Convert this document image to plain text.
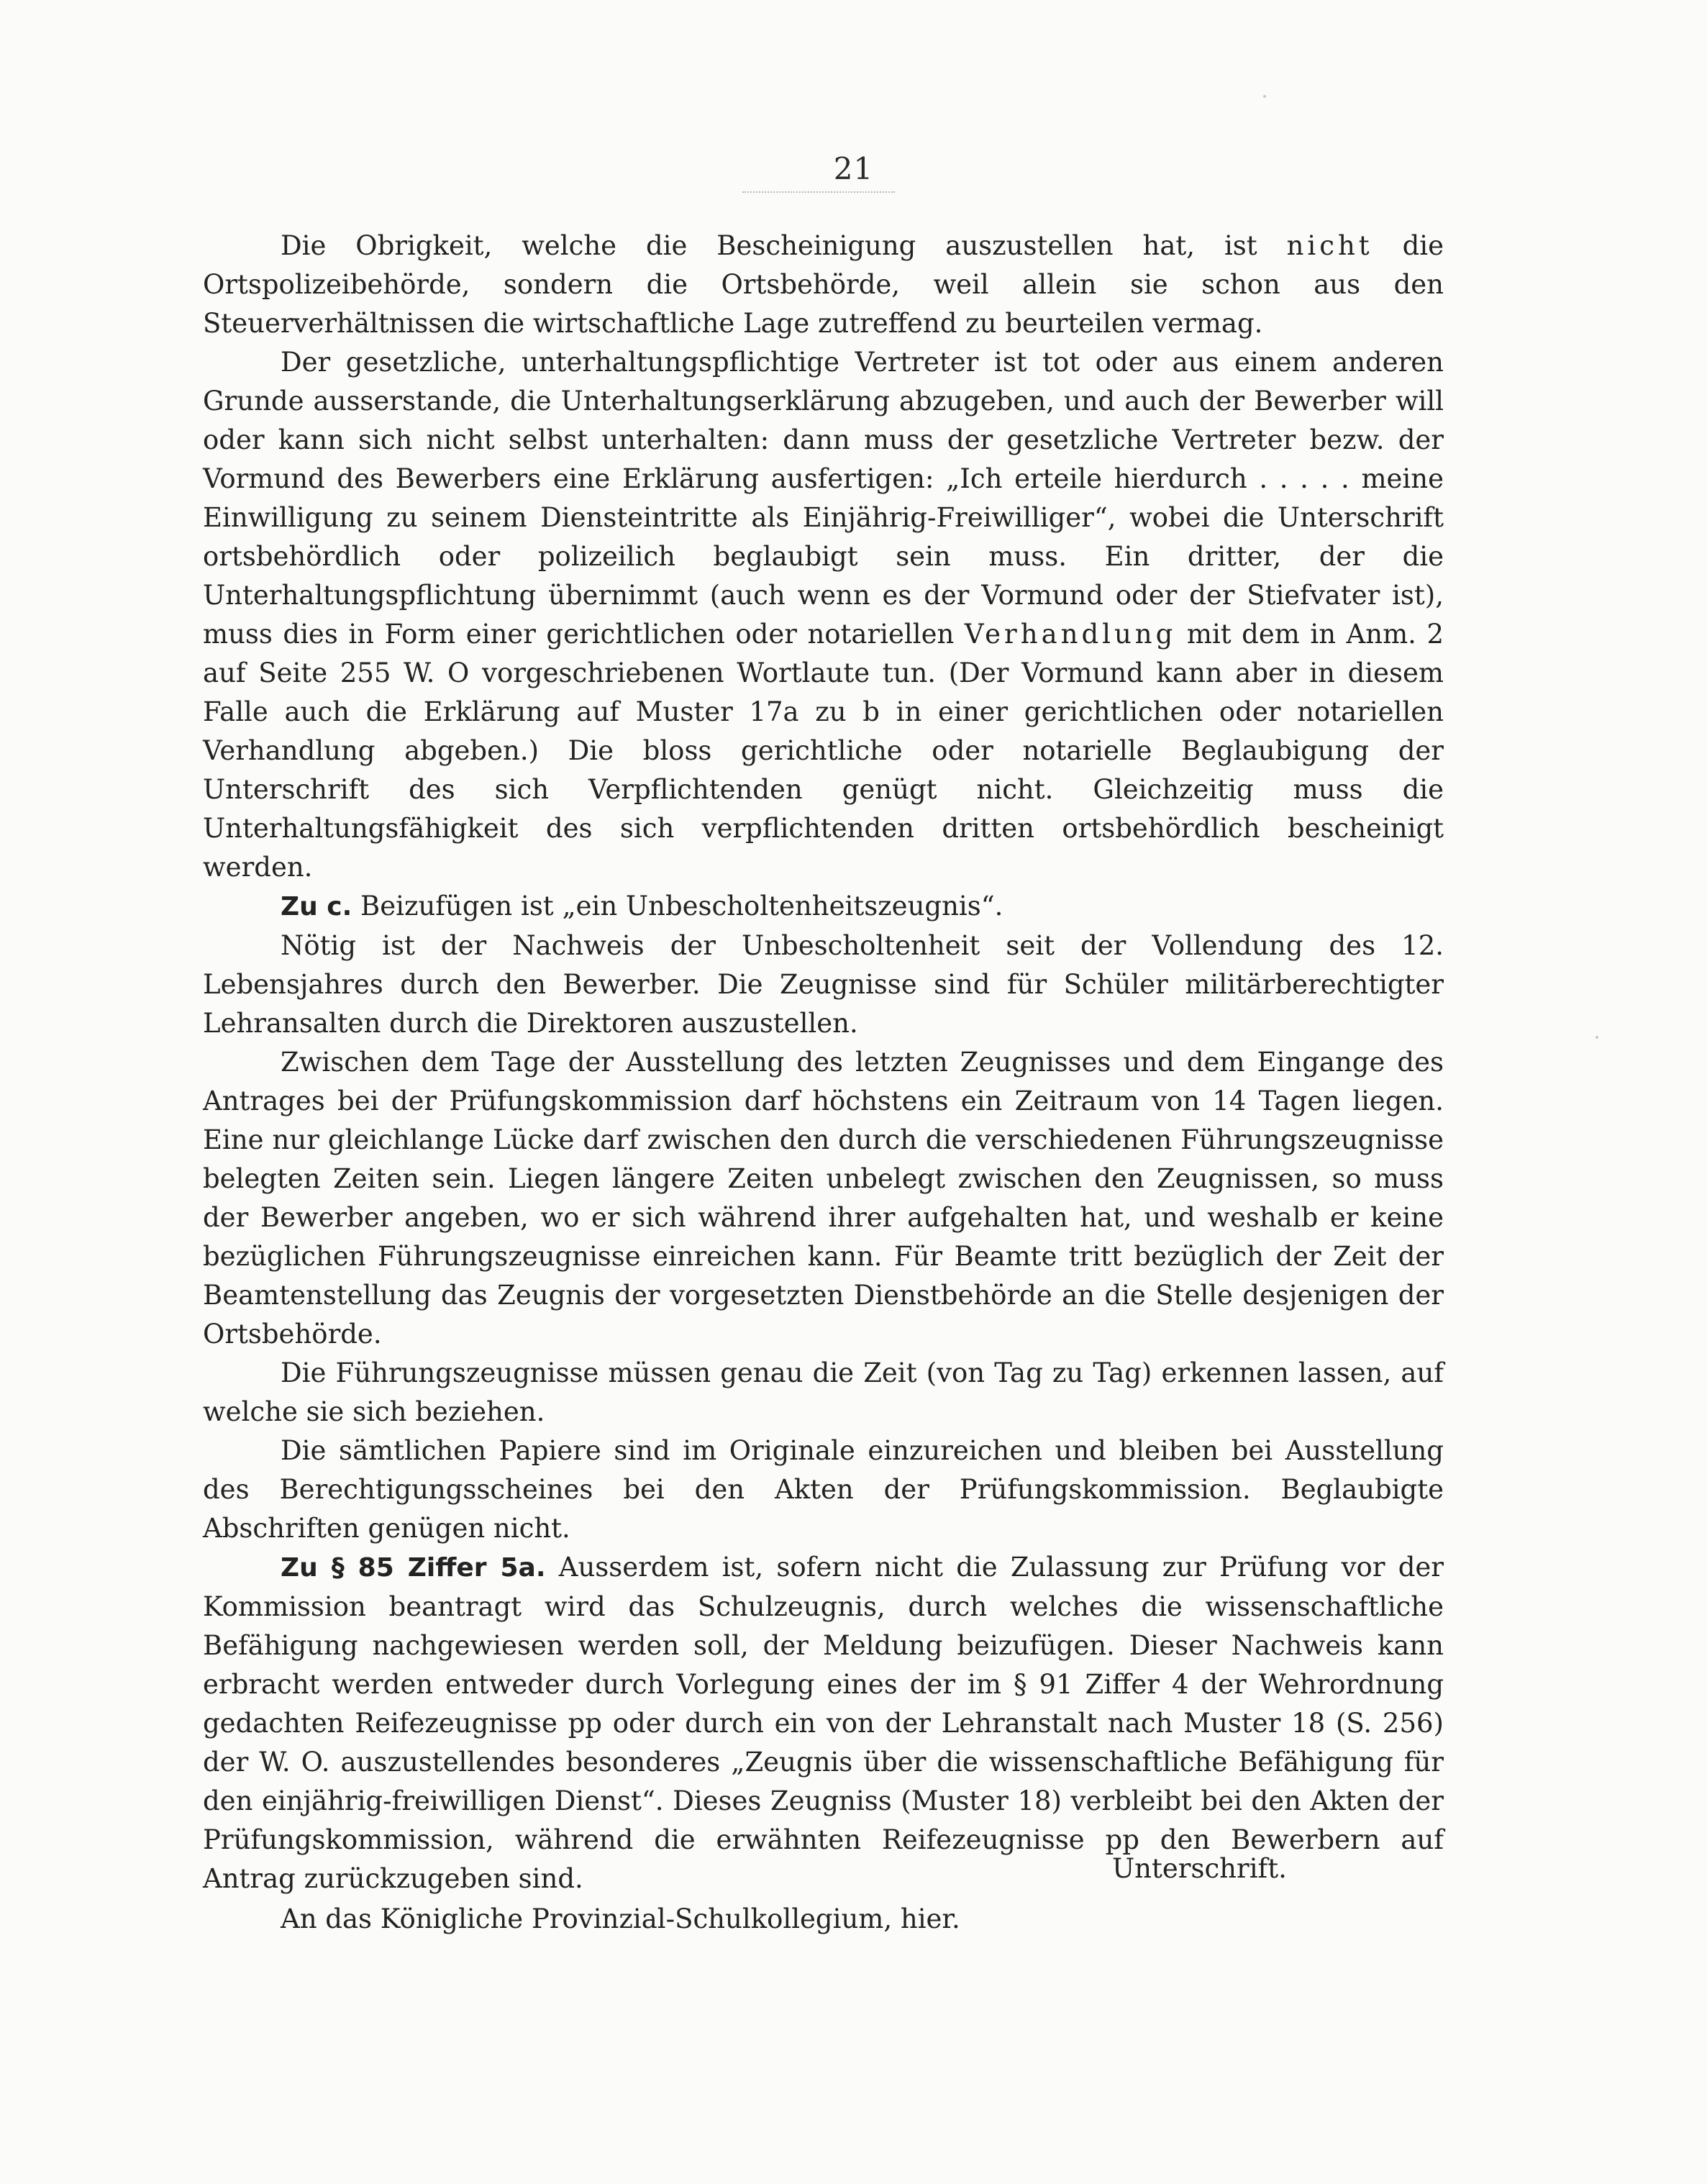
21

Die Obrigkeit, welche die Bescheinigung auszustellen hat, ist nicht die Ortspolizeibehörde, sondern die Ortsbehörde, weil allein sie schon aus den Steuerverhältnissen die wirtschaftliche Lage zutreffend zu beurteilen vermag.

Der gesetzliche, unterhaltungspflichtige Vertreter ist tot oder aus einem anderen Grunde ausserstande, die Unterhaltungserklärung abzugeben, und auch der Bewerber will oder kann sich nicht selbst unterhalten: dann muss der gesetzliche Vertreter bezw. der Vormund des Bewerbers eine Erklärung ausfertigen: „Ich erteile hierdurch . . . . . meine Einwilligung zu seinem Diensteintritte als Einjährig-Freiwilliger“, wobei die Unterschrift ortsbehördlich oder polizeilich beglaubigt sein muss. Ein dritter, der die Unterhaltungspflichtung übernimmt (auch wenn es der Vormund oder der Stiefvater ist), muss dies in Form einer gerichtlichen oder notariellen Verhandlung mit dem in Anm. 2 auf Seite 255 W. O vorgeschriebenen Wortlaute tun. (Der Vormund kann aber in diesem Falle auch die Erklärung auf Muster 17a zu b in einer gerichtlichen oder notariellen Verhandlung abgeben.) Die bloss gerichtliche oder notarielle Beglaubigung der Unterschrift des sich Verpflichtenden genügt nicht. Gleichzeitig muss die Unterhaltungsfähigkeit des sich verpflichtenden dritten ortsbehördlich bescheinigt werden.

Zu c. Beizufügen ist „ein Unbescholtenheitszeugnis“.

Nötig ist der Nachweis der Unbescholtenheit seit der Vollendung des 12. Lebensjahres durch den Bewerber. Die Zeugnisse sind für Schüler militärberechtigter Lehransalten durch die Direktoren auszustellen.

Zwischen dem Tage der Ausstellung des letzten Zeugnisses und dem Eingange des Antrages bei der Prüfungskommission darf höchstens ein Zeitraum von 14 Tagen liegen. Eine nur gleichlange Lücke darf zwischen den durch die verschiedenen Führungszeugnisse belegten Zeiten sein. Liegen längere Zeiten unbelegt zwischen den Zeugnissen, so muss der Bewerber angeben, wo er sich während ihrer aufgehalten hat, und weshalb er keine bezüglichen Führungszeugnisse einreichen kann. Für Beamte tritt bezüglich der Zeit der Beamtenstellung das Zeugnis der vorgesetzten Dienstbehörde an die Stelle desjenigen der Ortsbehörde.

Die Führungszeugnisse müssen genau die Zeit (von Tag zu Tag) erkennen lassen, auf welche sie sich beziehen.

Die sämtlichen Papiere sind im Originale einzureichen und bleiben bei Ausstellung des Berechtigungsscheines bei den Akten der Prüfungskommission. Beglaubigte Abschriften genügen nicht.

Zu § 85 Ziffer 5a. Ausserdem ist, sofern nicht die Zulassung zur Prüfung vor der Kommission beantragt wird das Schulzeugnis, durch welches die wissenschaftliche Befähigung nachgewiesen werden soll, der Meldung beizufügen. Dieser Nachweis kann erbracht werden entweder durch Vorlegung eines der im § 91 Ziffer 4 der Wehrordnung gedachten Reifezeugnisse pp oder durch ein von der Lehranstalt nach Muster 18 (S. 256) der W. O. auszustellendes besonderes „Zeugnis über die wissenschaftliche Befähigung für den einjährig-freiwilligen Dienst“. Dieses Zeugniss (Muster 18) verbleibt bei den Akten der Prüfungskommission, während die erwähnten Reifezeugnisse pp den Bewerbern auf Antrag zurückzugeben sind.	Unterschrift.
An das Königliche Provinzial-Schulkollegium, hier.
